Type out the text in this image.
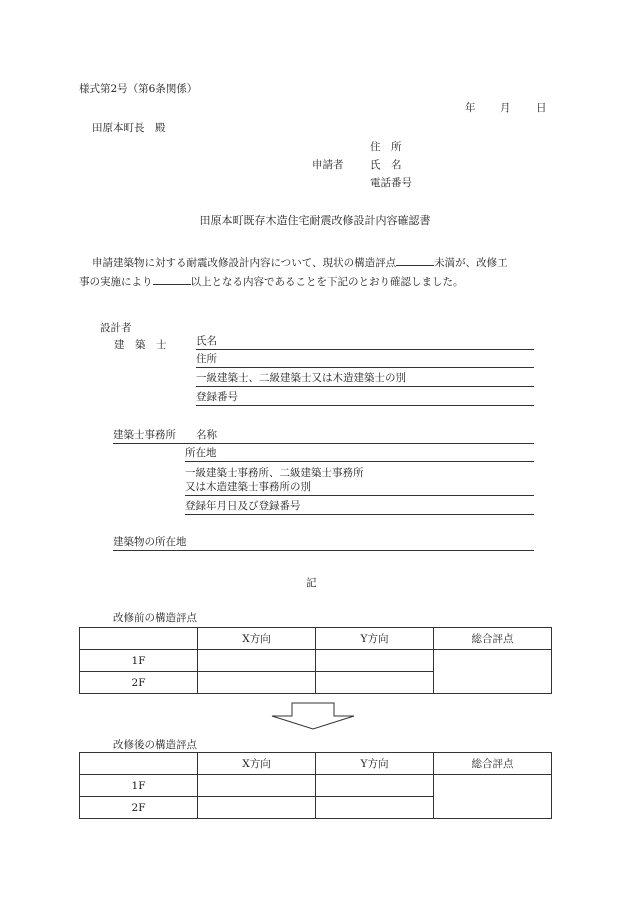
様式第2号（第6条関係）
年 月 日
田原本町長　殿
住　所
申請者	氏　名
電話番号
田原本町既存木造住宅耐震改修設計内容確認書
申請建築物に対する耐震改修設計内容について、現状の構造評点	未満が、改修工
事の実施により	以上となる内容であることを下記のとおり確認しました。
設計者
建　築　士	氏名
住所
一級建築士、二級建築士又は木造建築士の別
登録番号
建築士事務所 名称
所在地
一級建築士事務所、二級建築士事務所
又は木造建築士事務所の別
登録年月日及び登録番号
建築物の所在地
記
改修前の構造評点
	X方向	Y方向	総合評点
1F			
2F			
改修後の構造評点
	X方向	Y方向	総合評点
1F			
2F			
